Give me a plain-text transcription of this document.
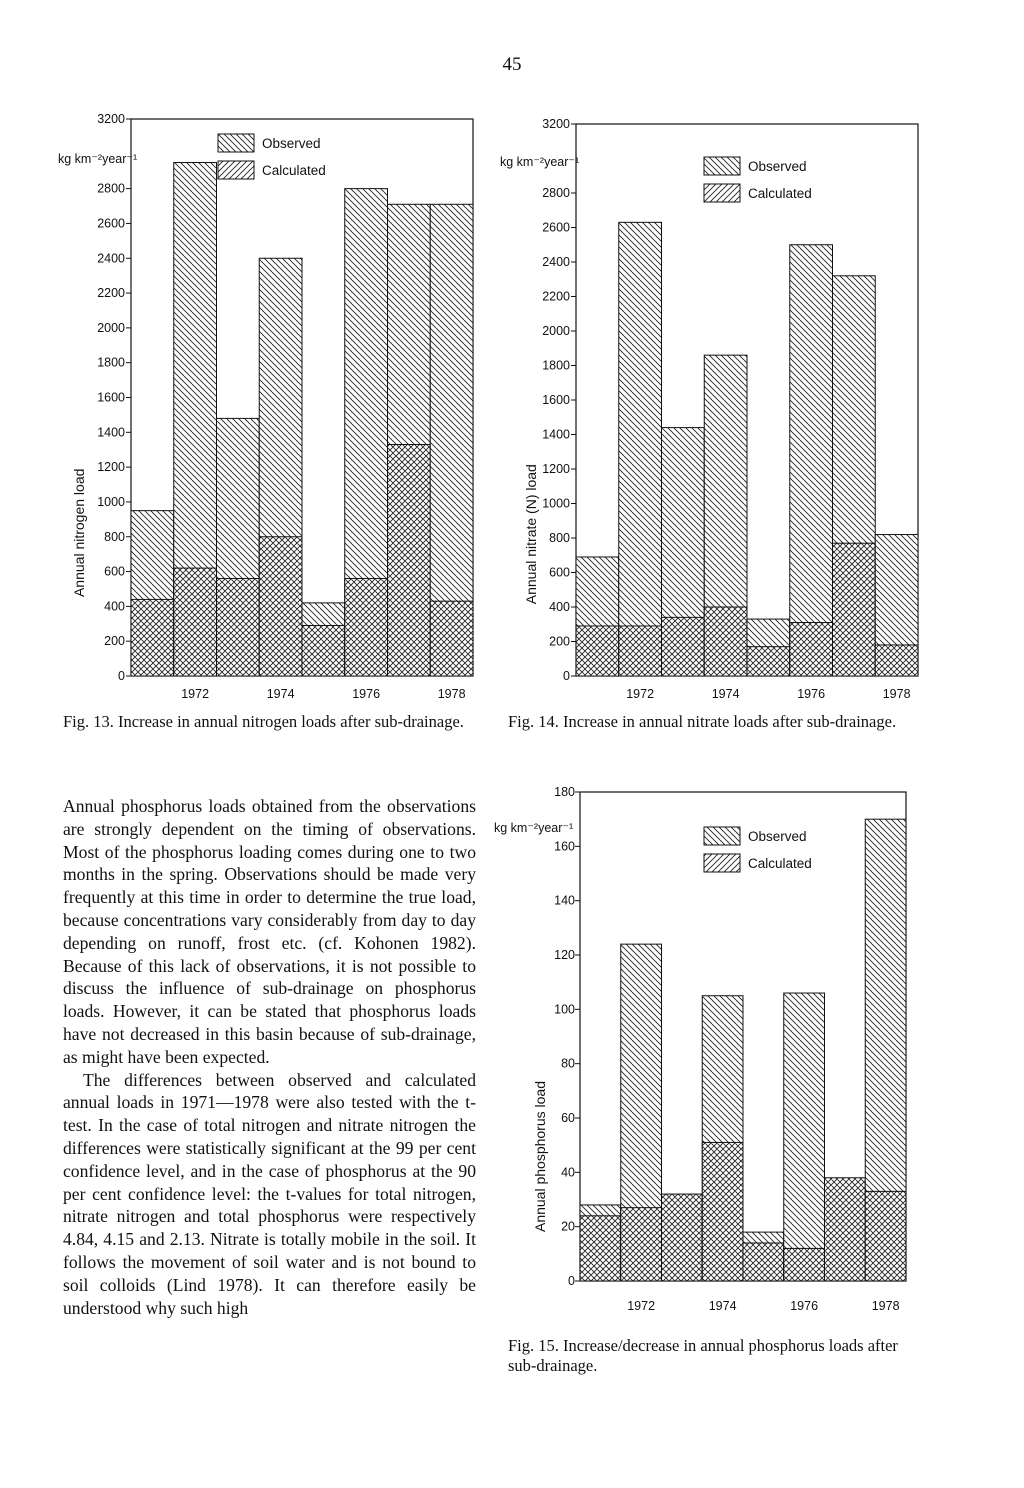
45
0
200
400
600
800
1000
1200
1400
1600
1800
2000
2200
2400
2600
2800
3200
kg km⁻²year⁻¹
Annual nitrogen load
1972	1974	1976	1978
Observed
Calculated
Fig. 13. Increase in annual nitrogen loads after sub-drainage.
0
200
400
600
800
1000
1200
1400
1600
1800
2000
2200
2400
2600
2800
3200
kg km⁻²year⁻¹
Annual nitrate (N) load
1972	1974	1976	1978
Observed
Calculated
Fig. 14. Increase in annual nitrate loads after sub-drainage.

Annual phosphorus loads obtained from the observations are strongly dependent on the timing of observations. Most of the phosphorus loading comes during one to two months in the spring. Observations should be made very frequently at this time in order to determine the true load, because concentrations vary considerably from day to day depending on runoff, frost etc. (cf. Kohonen 1982). Because of this lack of observations, it is not possible to discuss the influence of sub-drainage on phosphorus loads. However, it can be stated that phosphorus loads have not decreased in this basin because of sub-drainage, as might have been expected.

The differences between observed and calculated annual loads in 1971—1978 were also tested with the t-test. In the case of total nitrogen and nitrate nitrogen the differences were statistically significant at the 99 per cent confidence level, and in the case of phosphorus at the 90 per cent confidence level: the t-values for total nitrogen, nitrate nitrogen and total phosphorus were respectively 4.84, 4.15 and 2.13. Nitrate is totally mobile in the soil. It follows the movement of soil water and is not bound to soil colloids (Lind 1978). It can therefore easily be understood why such high

0
20
40
60
80
100
120
140
160
180
kg km⁻²year⁻¹
Annual phosphorus load
1972	1974	1976	1978
Observed
Calculated
Fig. 15. Increase/decrease in annual phosphorus loads after sub-drainage.
